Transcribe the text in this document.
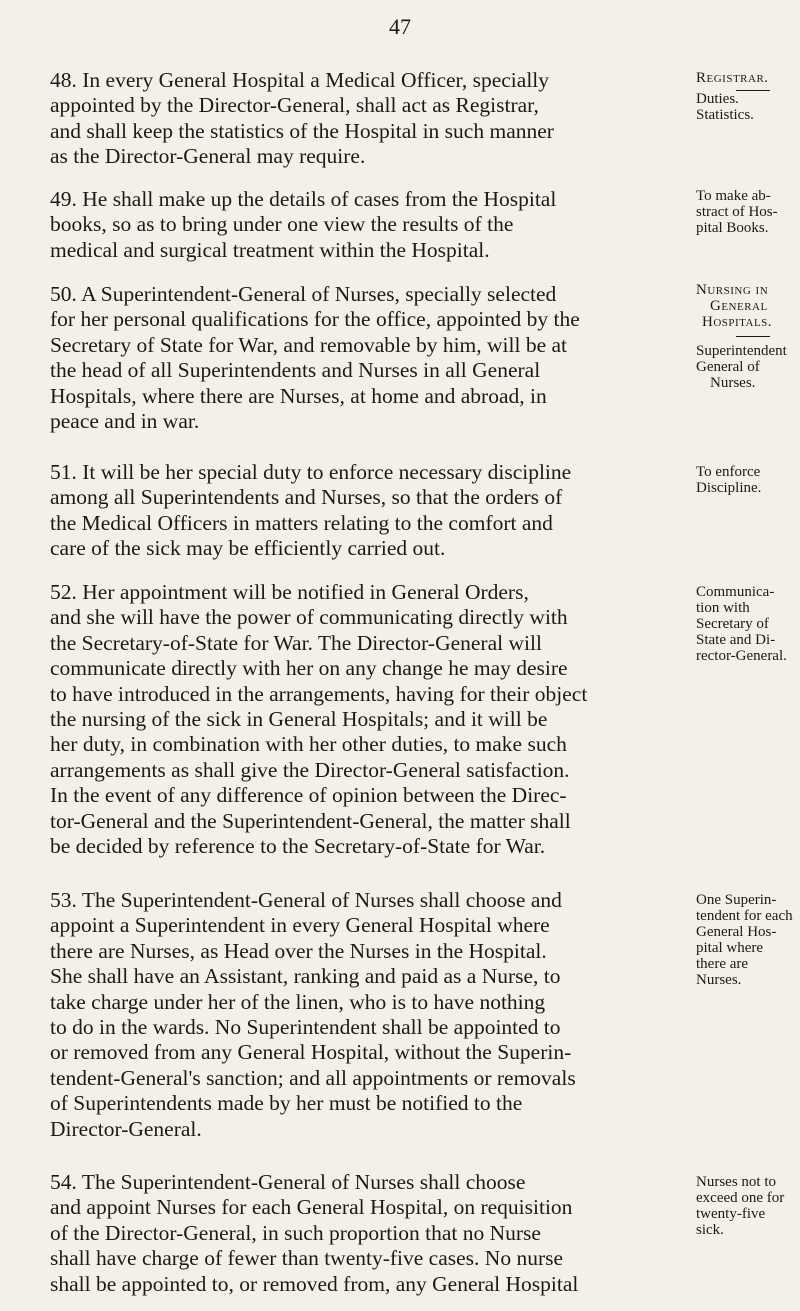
47
48. In every General Hospital a Medical Officer, specially
appointed by the Director-General, shall act as Registrar,
and shall keep the statistics of the Hospital in such manner
as the Director-General may require.
Registrar.
Duties.
Statistics.
49. He shall make up the details of cases from the Hospital
books, so as to bring under one view the results of the
medical and surgical treatment within the Hospital.
To make ab-
stract of Hos-
pital Books.
50. A Superintendent-General of Nurses, specially selected
for her personal qualifications for the office, appointed by the
Secretary of State for War, and removable by him, will be at
the head of all Superintendents and Nurses in all General
Hospitals, where there are Nurses, at home and abroad, in
peace and in war.
Nursing in
General
Hospitals.
Superintendent
General of
Nurses.
51. It will be her special duty to enforce necessary discipline
among all Superintendents and Nurses, so that the orders of
the Medical Officers in matters relating to the comfort and
care of the sick may be efficiently carried out.
To enforce
Discipline.
52. Her appointment will be notified in General Orders,
and she will have the power of communicating directly with
the Secretary-of-State for War. The Director-General will
communicate directly with her on any change he may desire
to have introduced in the arrangements, having for their object
the nursing of the sick in General Hospitals; and it will be
her duty, in combination with her other duties, to make such
arrangements as shall give the Director-General satisfaction.
In the event of any difference of opinion between the Direc-
tor-General and the Superintendent-General, the matter shall
be decided by reference to the Secretary-of-State for War.
Communica-
tion with
Secretary of
State and Di-
rector-General.
53. The Superintendent-General of Nurses shall choose and
appoint a Superintendent in every General Hospital where
there are Nurses, as Head over the Nurses in the Hospital.
She shall have an Assistant, ranking and paid as a Nurse, to
take charge under her of the linen, who is to have nothing
to do in the wards. No Superintendent shall be appointed to
or removed from any General Hospital, without the Superin-
tendent-General's sanction; and all appointments or removals
of Superintendents made by her must be notified to the
Director-General.
One Superin-
tendent for each
General Hos-
pital where
there are
Nurses.
54. The Superintendent-General of Nurses shall choose
and appoint Nurses for each General Hospital, on requisition
of the Director-General, in such proportion that no Nurse
shall have charge of fewer than twenty-five cases. No nurse
shall be appointed to, or removed from, any General Hospital
Nurses not to
exceed one for
twenty-five
sick.
